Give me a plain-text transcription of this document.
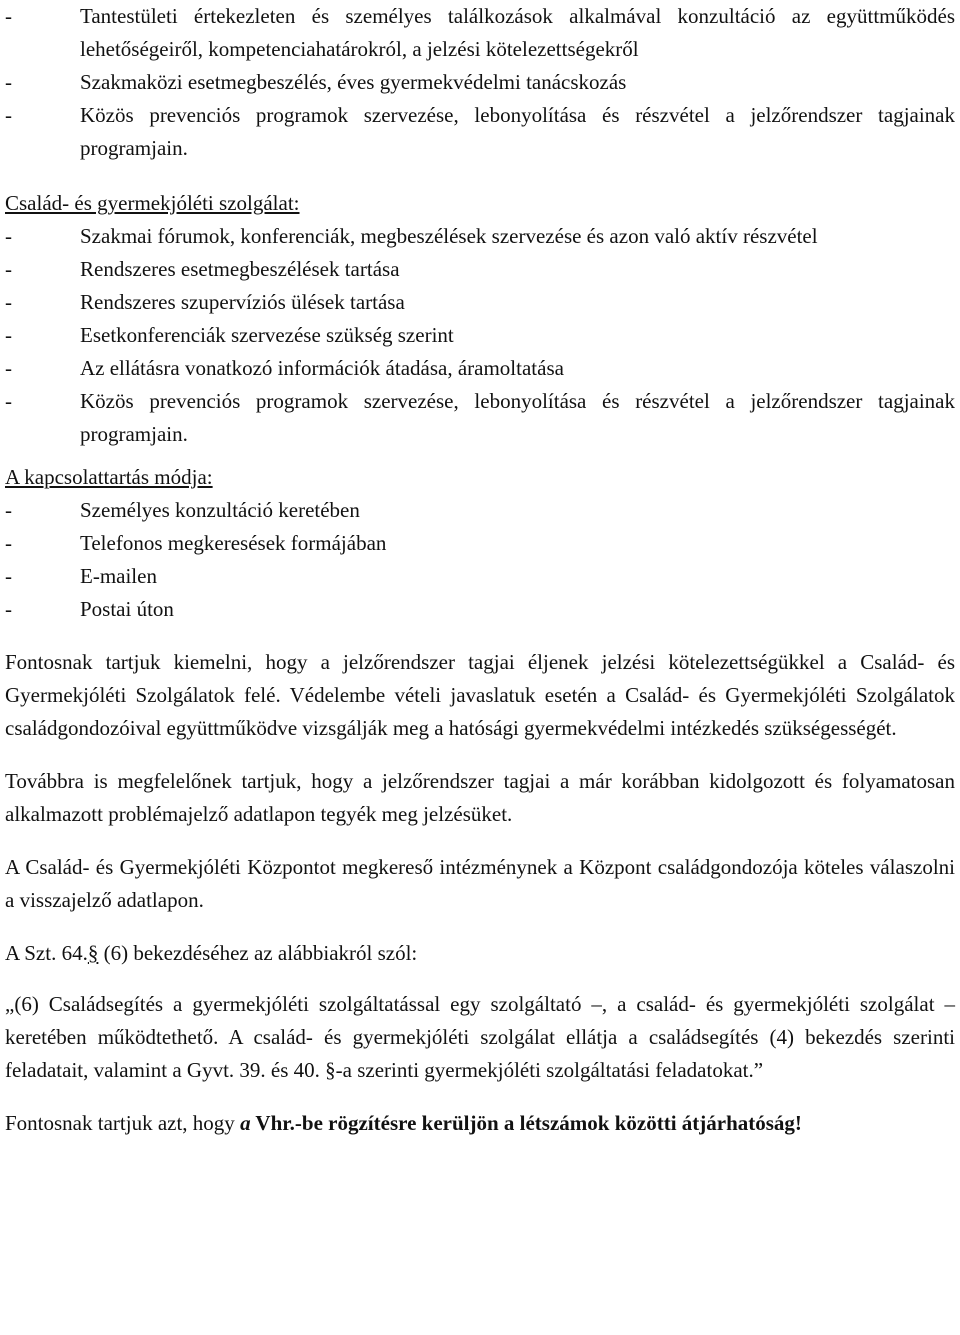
- Tantestületi értekezleten és személyes találkozások alkalmával konzultáció az együttműködés lehetőségeiről, kompetenciahatárokról, a jelzési kötelezettségekről
- Szakmaközi esetmegbeszélés, éves gyermekvédelmi tanácskozás
- Közös prevenciós programok szervezése, lebonyolítása és részvétel a jelzőrendszer tagjainak programjain.

Család- és gyermekjóléti szolgálat:

- Szakmai fórumok, konferenciák, megbeszélések szervezése és azon való aktív részvétel
- Rendszeres esetmegbeszélések tartása
- Rendszeres szupervíziós ülések tartása
- Esetkonferenciák szervezése szükség szerint
- Az ellátásra vonatkozó információk átadása, áramoltatása
- Közös prevenciós programok szervezése, lebonyolítása és részvétel a jelzőrendszer tagjainak programjain.

A kapcsolattartás módja:

- Személyes konzultáció keretében
- Telefonos megkeresések formájában
- E-mailen
- Postai úton

Fontosnak tartjuk kiemelni, hogy a jelzőrendszer tagjai éljenek jelzési kötelezettségükkel a Család- és Gyermekjóléti Szolgálatok felé. Védelembe vételi javaslatuk esetén a Család- és Gyermekjóléti Szolgálatok családgondozóival együttműködve vizsgálják meg a hatósági gyermekvédelmi intézkedés szükségességét.

Továbbra is megfelelőnek tartjuk, hogy a jelzőrendszer tagjai a már korábban kidolgozott és folyamatosan alkalmazott problémajelző adatlapon tegyék meg jelzésüket.

A Család- és Gyermekjóléti Központot megkereső intézménynek a Központ családgondozója köteles válaszolni a visszajelző adatlapon.

A Szt. 64.§ (6) bekezdéséhez az alábbiakról szól:

„(6) Családsegítés a gyermekjóléti szolgáltatással egy szolgáltató –, a család- és gyermekjóléti szolgálat – keretében működtethető. A család- és gyermekjóléti szolgálat ellátja a családsegítés (4) bekezdés szerinti feladatait, valamint a Gyvt. 39. és 40. §-a szerinti gyermekjóléti szolgáltatási feladatokat.”

Fontosnak tartjuk azt, hogy a Vhr.-be rögzítésre kerüljön a létszámok közötti átjárhatóság!
